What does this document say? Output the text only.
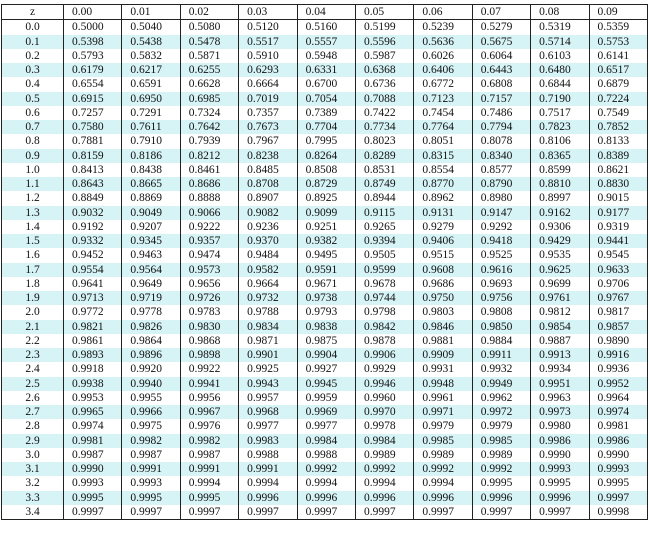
z	0.00	0.01	0.02	0.03	0.04	0.05	0.06	0.07	0.08	0.09
0.0	0.5000	0.5040	0.5080	0.5120	0.5160	0.5199	0.5239	0.5279	0.5319	0.5359
0.1	0.5398	0.5438	0.5478	0.5517	0.5557	0.5596	0.5636	0.5675	0.5714	0.5753
0.2	0.5793	0.5832	0.5871	0.5910	0.5948	0.5987	0.6026	0.6064	0.6103	0.6141
0.3	0.6179	0.6217	0.6255	0.6293	0.6331	0.6368	0.6406	0.6443	0.6480	0.6517
0.4	0.6554	0.6591	0.6628	0.6664	0.6700	0.6736	0.6772	0.6808	0.6844	0.6879
0.5	0.6915	0.6950	0.6985	0.7019	0.7054	0.7088	0.7123	0.7157	0.7190	0.7224
0.6	0.7257	0.7291	0.7324	0.7357	0.7389	0.7422	0.7454	0.7486	0.7517	0.7549
0.7	0.7580	0.7611	0.7642	0.7673	0.7704	0.7734	0.7764	0.7794	0.7823	0.7852
0.8	0.7881	0.7910	0.7939	0.7967	0.7995	0.8023	0.8051	0.8078	0.8106	0.8133
0.9	0.8159	0.8186	0.8212	0.8238	0.8264	0.8289	0.8315	0.8340	0.8365	0.8389
1.0	0.8413	0.8438	0.8461	0.8485	0.8508	0.8531	0.8554	0.8577	0.8599	0.8621
1.1	0.8643	0.8665	0.8686	0.8708	0.8729	0.8749	0.8770	0.8790	0.8810	0.8830
1.2	0.8849	0.8869	0.8888	0.8907	0.8925	0.8944	0.8962	0.8980	0.8997	0.9015
1.3	0.9032	0.9049	0.9066	0.9082	0.9099	0.9115	0.9131	0.9147	0.9162	0.9177
1.4	0.9192	0.9207	0.9222	0.9236	0.9251	0.9265	0.9279	0.9292	0.9306	0.9319
1.5	0.9332	0.9345	0.9357	0.9370	0.9382	0.9394	0.9406	0.9418	0.9429	0.9441
1.6	0.9452	0.9463	0.9474	0.9484	0.9495	0.9505	0.9515	0.9525	0.9535	0.9545
1.7	0.9554	0.9564	0.9573	0.9582	0.9591	0.9599	0.9608	0.9616	0.9625	0.9633
1.8	0.9641	0.9649	0.9656	0.9664	0.9671	0.9678	0.9686	0.9693	0.9699	0.9706
1.9	0.9713	0.9719	0.9726	0.9732	0.9738	0.9744	0.9750	0.9756	0.9761	0.9767
2.0	0.9772	0.9778	0.9783	0.9788	0.9793	0.9798	0.9803	0.9808	0.9812	0.9817
2.1	0.9821	0.9826	0.9830	0.9834	0.9838	0.9842	0.9846	0.9850	0.9854	0.9857
2.2	0.9861	0.9864	0.9868	0.9871	0.9875	0.9878	0.9881	0.9884	0.9887	0.9890
2.3	0.9893	0.9896	0.9898	0.9901	0.9904	0.9906	0.9909	0.9911	0.9913	0.9916
2.4	0.9918	0.9920	0.9922	0.9925	0.9927	0.9929	0.9931	0.9932	0.9934	0.9936
2.5	0.9938	0.9940	0.9941	0.9943	0.9945	0.9946	0.9948	0.9949	0.9951	0.9952
2.6	0.9953	0.9955	0.9956	0.9957	0.9959	0.9960	0.9961	0.9962	0.9963	0.9964
2.7	0.9965	0.9966	0.9967	0.9968	0.9969	0.9970	0.9971	0.9972	0.9973	0.9974
2.8	0.9974	0.9975	0.9976	0.9977	0.9977	0.9978	0.9979	0.9979	0.9980	0.9981
2.9	0.9981	0.9982	0.9982	0.9983	0.9984	0.9984	0.9985	0.9985	0.9986	0.9986
3.0	0.9987	0.9987	0.9987	0.9988	0.9988	0.9989	0.9989	0.9989	0.9990	0.9990
3.1	0.9990	0.9991	0.9991	0.9991	0.9992	0.9992	0.9992	0.9992	0.9993	0.9993
3.2	0.9993	0.9993	0.9994	0.9994	0.9994	0.9994	0.9994	0.9995	0.9995	0.9995
3.3	0.9995	0.9995	0.9995	0.9996	0.9996	0.9996	0.9996	0.9996	0.9996	0.9997
3.4	0.9997	0.9997	0.9997	0.9997	0.9997	0.9997	0.9997	0.9997	0.9997	0.9998
